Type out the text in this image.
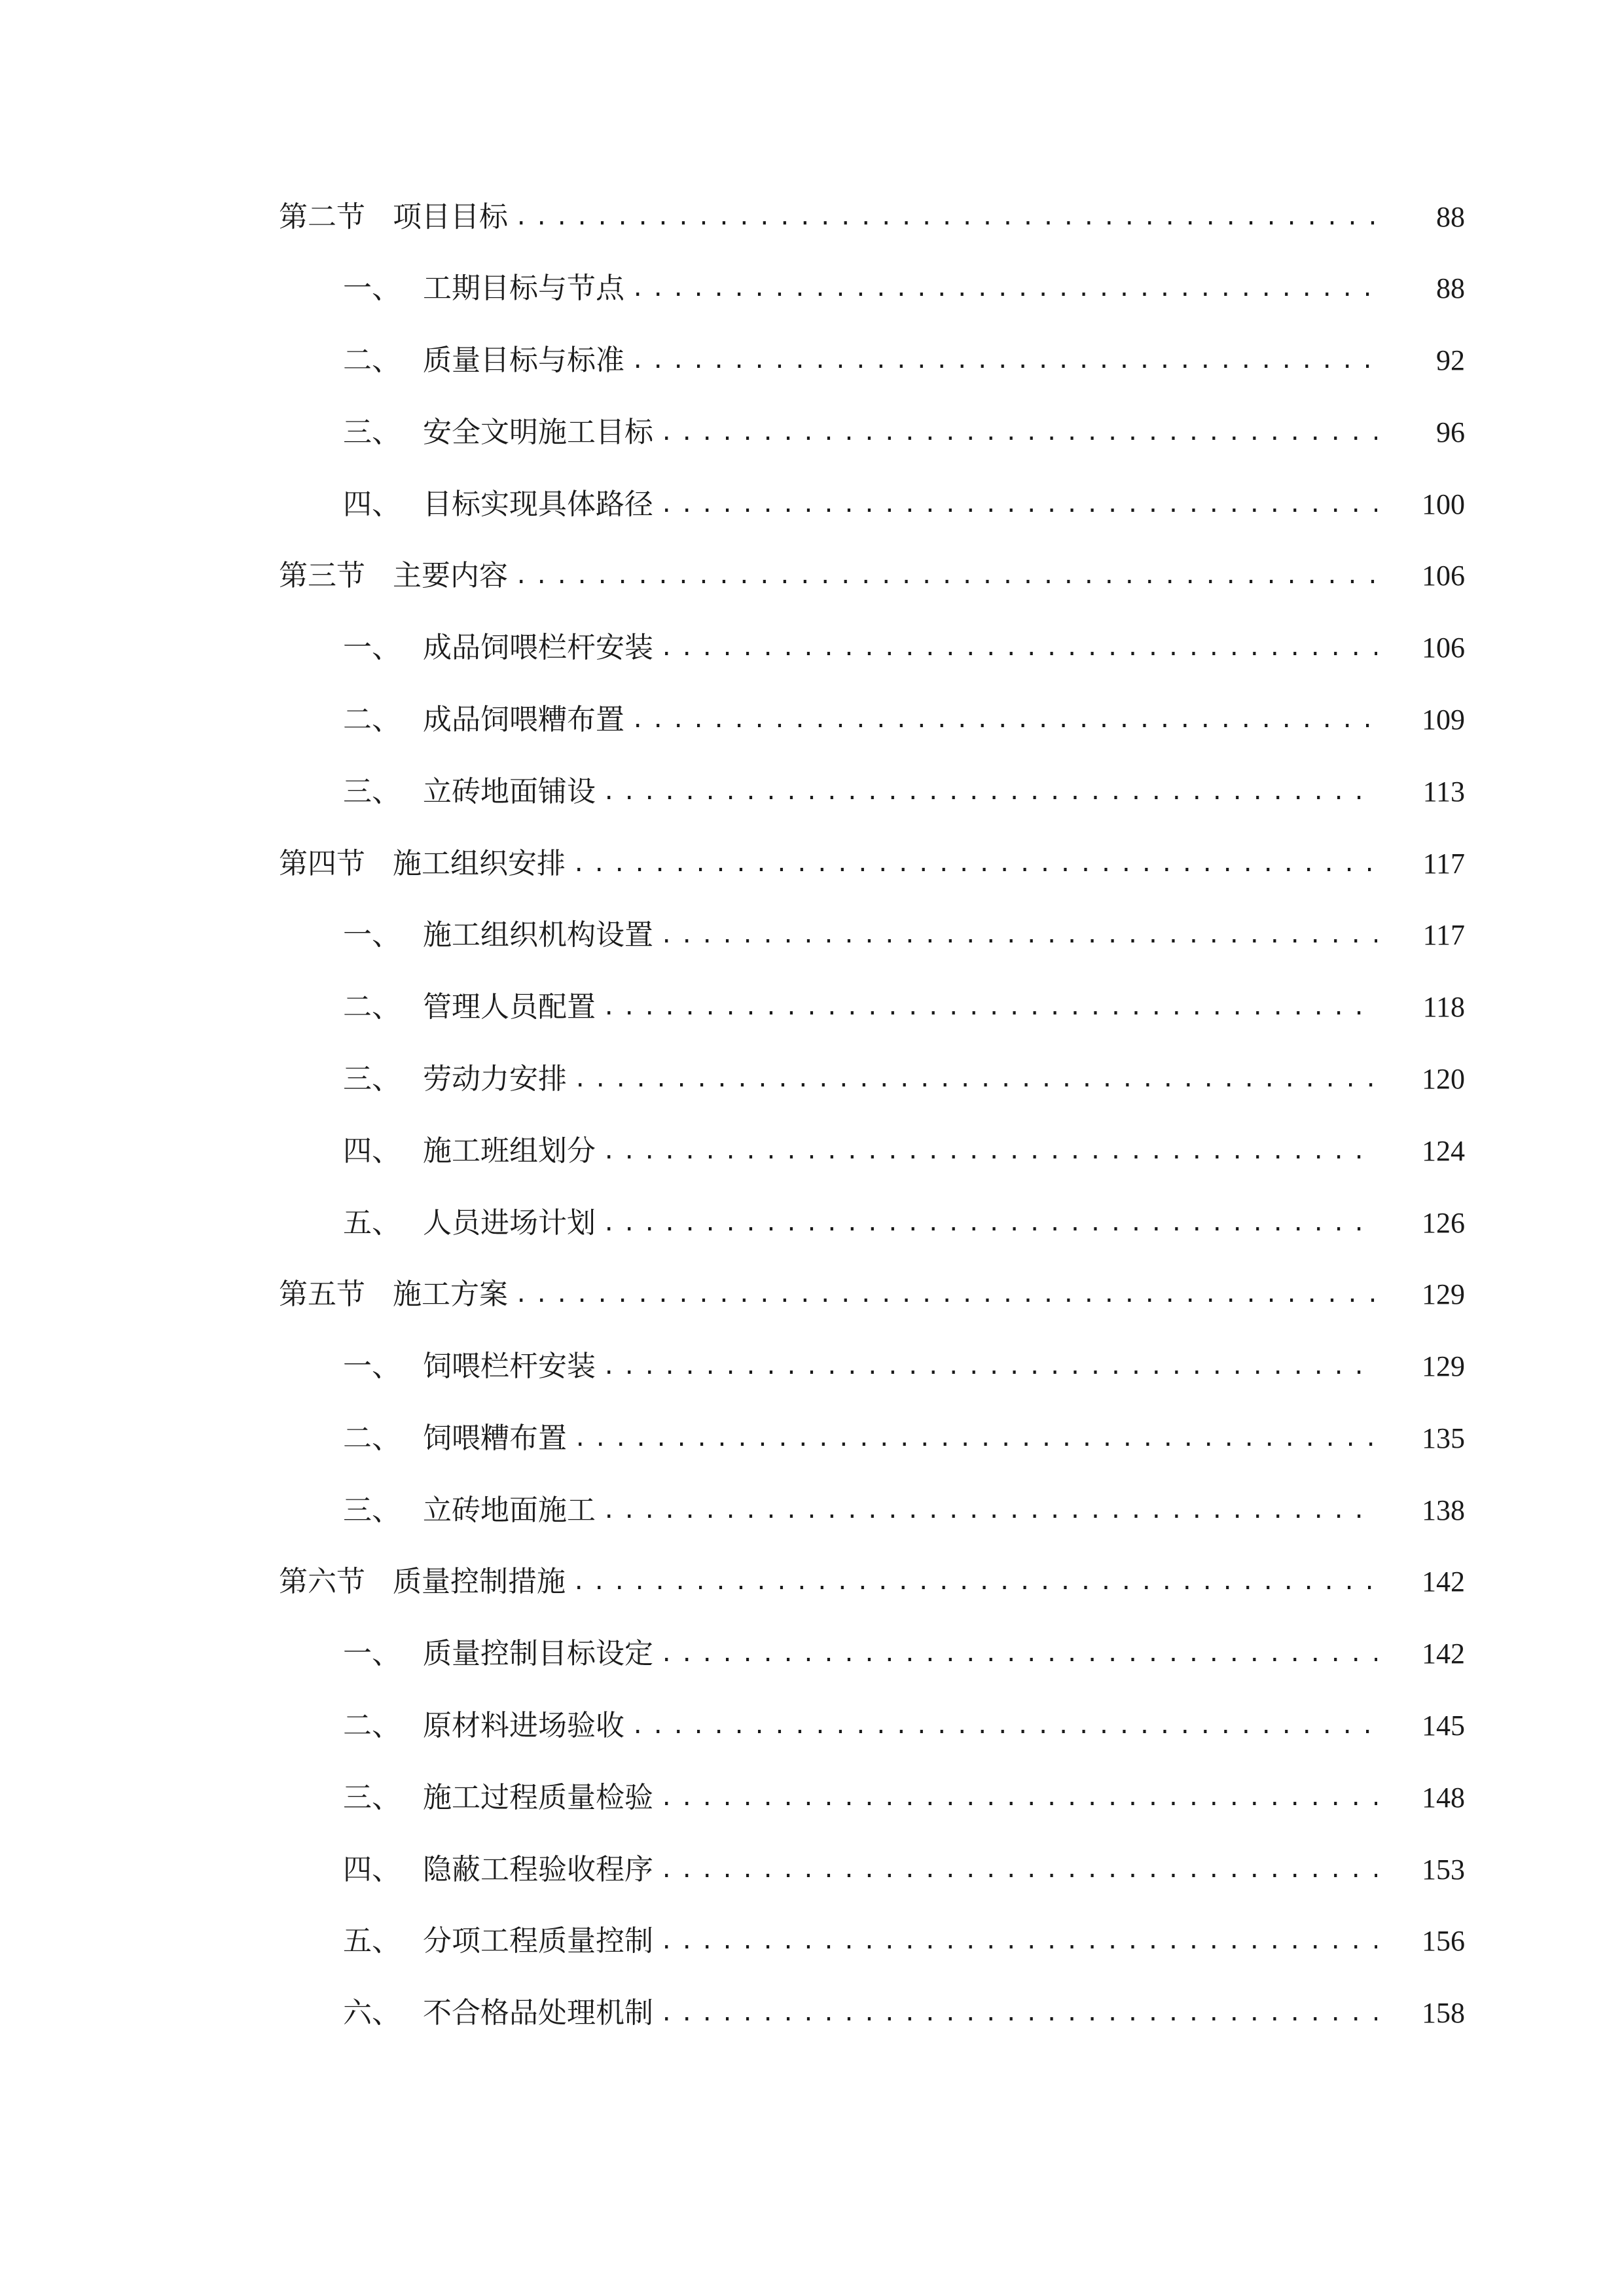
第二节 项目目标 .....	88
一、 工期目标与节点 .....	88
二、 质量目标与标准 .....	92
三、 安全文明施工目标 .....	96
四、 目标实现具体路径 .....	100
第三节 主要内容 .....	106
一、 成品饲喂栏杆安装 .....	106
二、 成品饲喂糟布置 .....	109
三、 立砖地面铺设 .....	113
第四节 施工组织安排 .....	117
一、 施工组织机构设置 .....	117
二、 管理人员配置 .....	118
三、 劳动力安排 .....	120
四、 施工班组划分 .....	124
五、 人员进场计划 .....	126
第五节 施工方案 .....	129
一、 饲喂栏杆安装 .....	129
二、 饲喂糟布置 .....	135
三、 立砖地面施工 .....	138
第六节 质量控制措施 .....	142
一、 质量控制目标设定 .....	142
二、 原材料进场验收 .....	145
三、 施工过程质量检验 .....	148
四、 隐蔽工程验收程序 .....	153
五、 分项工程质量控制 .....	156
六、 不合格品处理机制 .....	158
